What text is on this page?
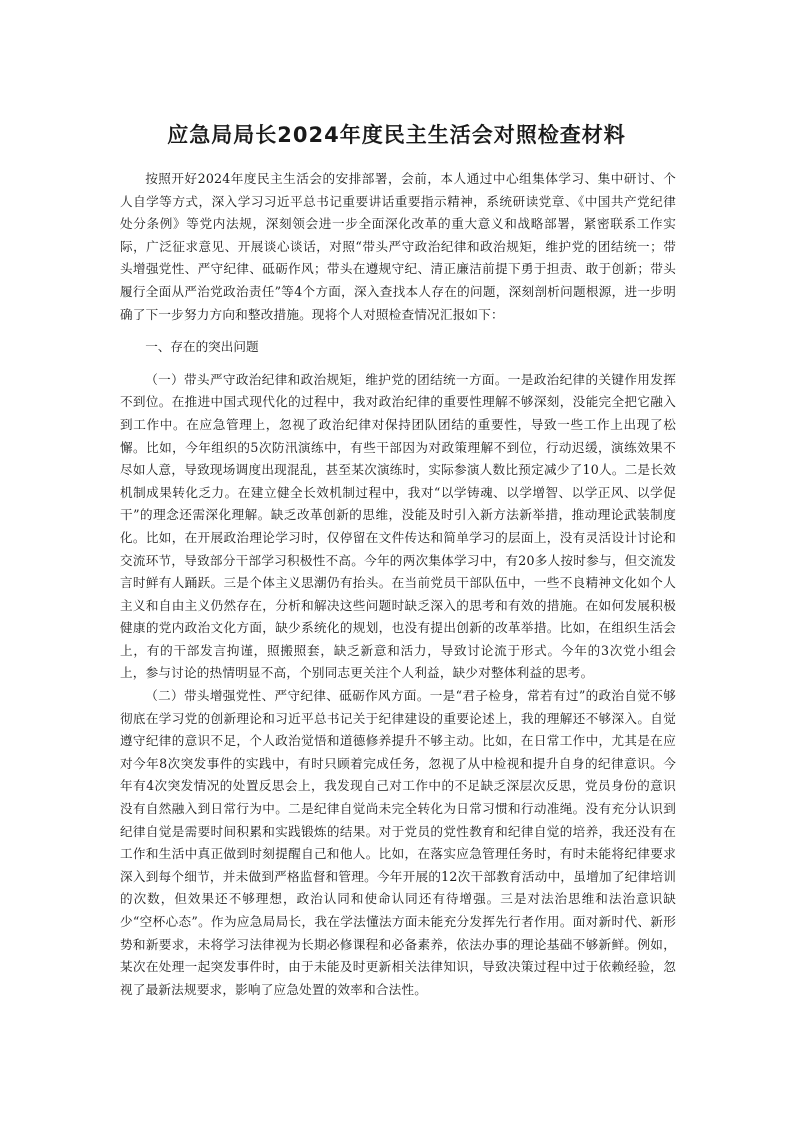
应急局局长2024年度民主生活会对照检查材料

按照开好2024年度民主生活会的安排部署，会前，本人通过中心组集体学习、集中研讨、个人自学等方式，深入学习习近平总书记重要讲话重要指示精神，系统研读党章、《中国共产党纪律处分条例》等党内法规，深刻领会进一步全面深化改革的重大意义和战略部署，紧密联系工作实际，广泛征求意见、开展谈心谈话，对照“带头严守政治纪律和政治规矩，维护党的团结统一；带头增强党性、严守纪律、砥砺作风；带头在遵规守纪、清正廉洁前提下勇于担责、敢于创新；带头履行全面从严治党政治责任”等4个方面，深入查找本人存在的问题，深刻剖析问题根源，进一步明确了下一步努力方向和整改措施。现将个人对照检查情况汇报如下：

一、存在的突出问题

（一）带头严守政治纪律和政治规矩，维护党的团结统一方面。一是政治纪律的关键作用发挥不到位。在推进中国式现代化的过程中，我对政治纪律的重要性理解不够深刻，没能完全把它融入到工作中。在应急管理上，忽视了政治纪律对保持团队团结的重要性，导致一些工作上出现了松懈。比如，今年组织的5次防汛演练中，有些干部因为对政策理解不到位，行动迟缓，演练效果不尽如人意，导致现场调度出现混乱，甚至某次演练时，实际参演人数比预定减少了10人。二是长效机制成果转化乏力。在建立健全长效机制过程中，我对“以学铸魂、以学增智、以学正风、以学促干”的理念还需深化理解。缺乏改革创新的思维，没能及时引入新方法新举措，推动理论武装制度化。比如，在开展政治理论学习时，仅停留在文件传达和简单学习的层面上，没有灵活设计讨论和交流环节，导致部分干部学习积极性不高。今年的两次集体学习中，有20多人按时参与，但交流发言时鲜有人踊跃。三是个体主义思潮仍有抬头。在当前党员干部队伍中，一些不良精神文化如个人主义和自由主义仍然存在，分析和解决这些问题时缺乏深入的思考和有效的措施。在如何发展积极健康的党内政治文化方面，缺少系统化的规划，也没有提出创新的改革举措。比如，在组织生活会上，有的干部发言拘谨，照搬照套，缺乏新意和活力，导致讨论流于形式。今年的3次党小组会上，参与讨论的热情明显不高，个别同志更关注个人利益，缺少对整体利益的思考。

（二）带头增强党性、严守纪律、砥砺作风方面。一是“君子检身，常若有过”的政治自觉不够彻底在学习党的创新理论和习近平总书记关于纪律建设的重要论述上，我的理解还不够深入。自觉遵守纪律的意识不足，个人政治觉悟和道德修养提升不够主动。比如，在日常工作中，尤其是在应对今年8次突发事件的实践中，有时只顾着完成任务，忽视了从中检视和提升自身的纪律意识。今年有4次突发情况的处置反思会上，我发现自己对工作中的不足缺乏深层次反思，党员身份的意识没有自然融入到日常行为中。二是纪律自觉尚未完全转化为日常习惯和行动准绳。没有充分认识到纪律自觉是需要时间积累和实践锻炼的结果。对于党员的党性教育和纪律自觉的培养，我还没有在工作和生活中真正做到时刻提醒自己和他人。比如，在落实应急管理任务时，有时未能将纪律要求深入到每个细节，并未做到严格监督和管理。今年开展的12次干部教育活动中，虽增加了纪律培训的次数，但效果还不够理想，政治认同和使命认同还有待增强。三是对法治思维和法治意识缺少“空杯心态”。作为应急局局长，我在学法懂法方面未能充分发挥先行者作用。面对新时代、新形势和新要求，未将学习法律视为长期必修课程和必备素养，依法办事的理论基础不够新鲜。例如，某次在处理一起突发事件时，由于未能及时更新相关法律知识，导致决策过程中过于依赖经验，忽视了最新法规要求，影响了应急处置的效率和合法性。
